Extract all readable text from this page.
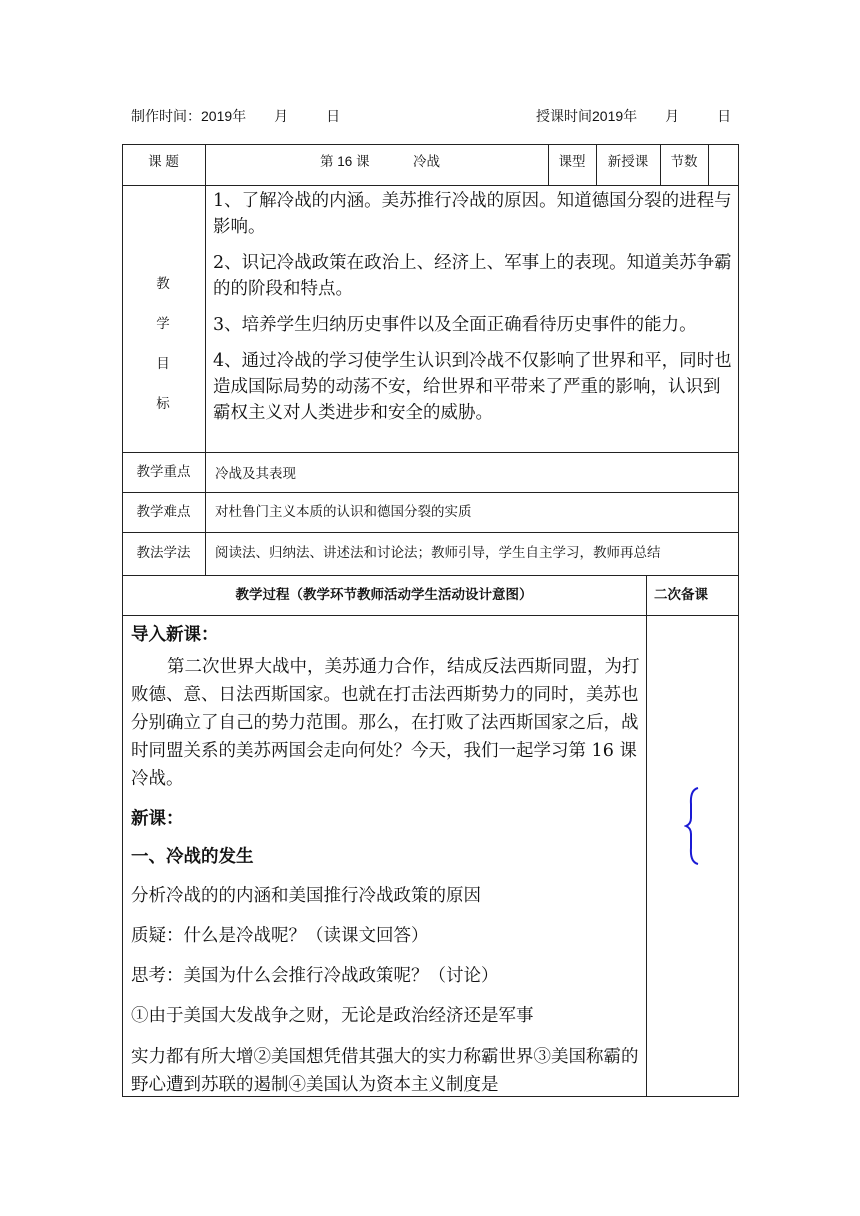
制作时间：2019年 月	日	授课时间2019年 月	日
课 题	第 16 课	冷战	课型	新授课	节数
教
学
目
标

1、了解冷战的内涵。美苏推行冷战的原因。知道德国分裂的进程与影响。

2、识记冷战政策在政治上、经济上、军事上的表现。知道美苏争霸的的阶段和特点。

3、培养学生归纳历史事件以及全面正确看待历史事件的能力。

4、通过冷战的学习使学生认识到冷战不仅影响了世界和平，同时也造成国际局势的动荡不安，给世界和平带来了严重的影响，认识到霸权主义对人类进步和安全的威胁。

教学重点	冷战及其表现
教学难点	对杜鲁门主义本质的认识和德国分裂的实质
教法学法	阅读法、归纳法、讲述法和讨论法；教师引导，学生自主学习，教师再总结
教学过程（教学环节教师活动学生活动设计意图）	二次备课
导入新课：
第二次世界大战中，美苏通力合作，结成反法西斯同盟，为打败德、意、日法西斯国家。也就在打击法西斯势力的同时，美苏也分别确立了自己的势力范围。那么，在打败了法西斯国家之后，战时同盟关系的美苏两国会走向何处？今天，我们一起学习第 16 课冷战。
新课：
一、冷战的发生
分析冷战的的内涵和美国推行冷战政策的原因
质疑：什么是冷战呢？（读课文回答）
思考：美国为什么会推行冷战政策呢？（讨论）
①由于美国大发战争之财，无论是政治经济还是军事
实力都有所大增②美国想凭借其强大的实力称霸世界③美国称霸的野心遭到苏联的遏制④美国认为资本主义制度是
